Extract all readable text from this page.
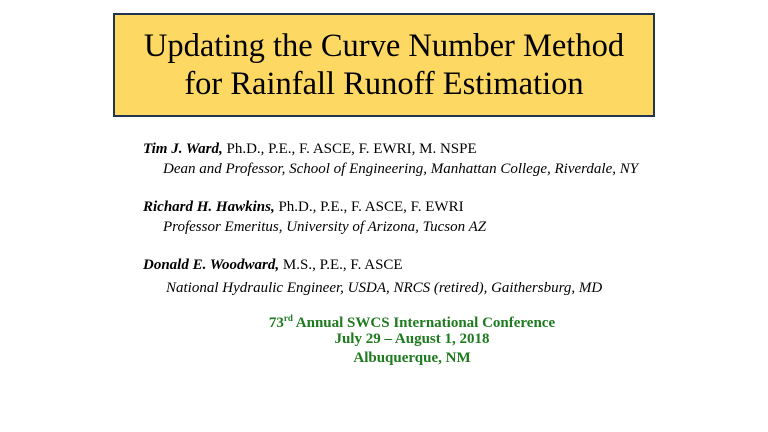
Updating the Curve Number Method
for Rainfall Runoff Estimation
Tim J. Ward, Ph.D., P.E., F. ASCE, F. EWRI, M. NSPE
Dean and Professor, School of Engineering, Manhattan College, Riverdale, NY
Richard H. Hawkins, Ph.D., P.E., F. ASCE, F. EWRI
Professor Emeritus, University of Arizona, Tucson AZ
Donald E. Woodward, M.S., P.E., F. ASCE
National Hydraulic Engineer, USDA, NRCS (retired), Gaithersburg, MD
73rd Annual SWCS International Conference
July 29 – August 1, 2018
Albuquerque, NM
